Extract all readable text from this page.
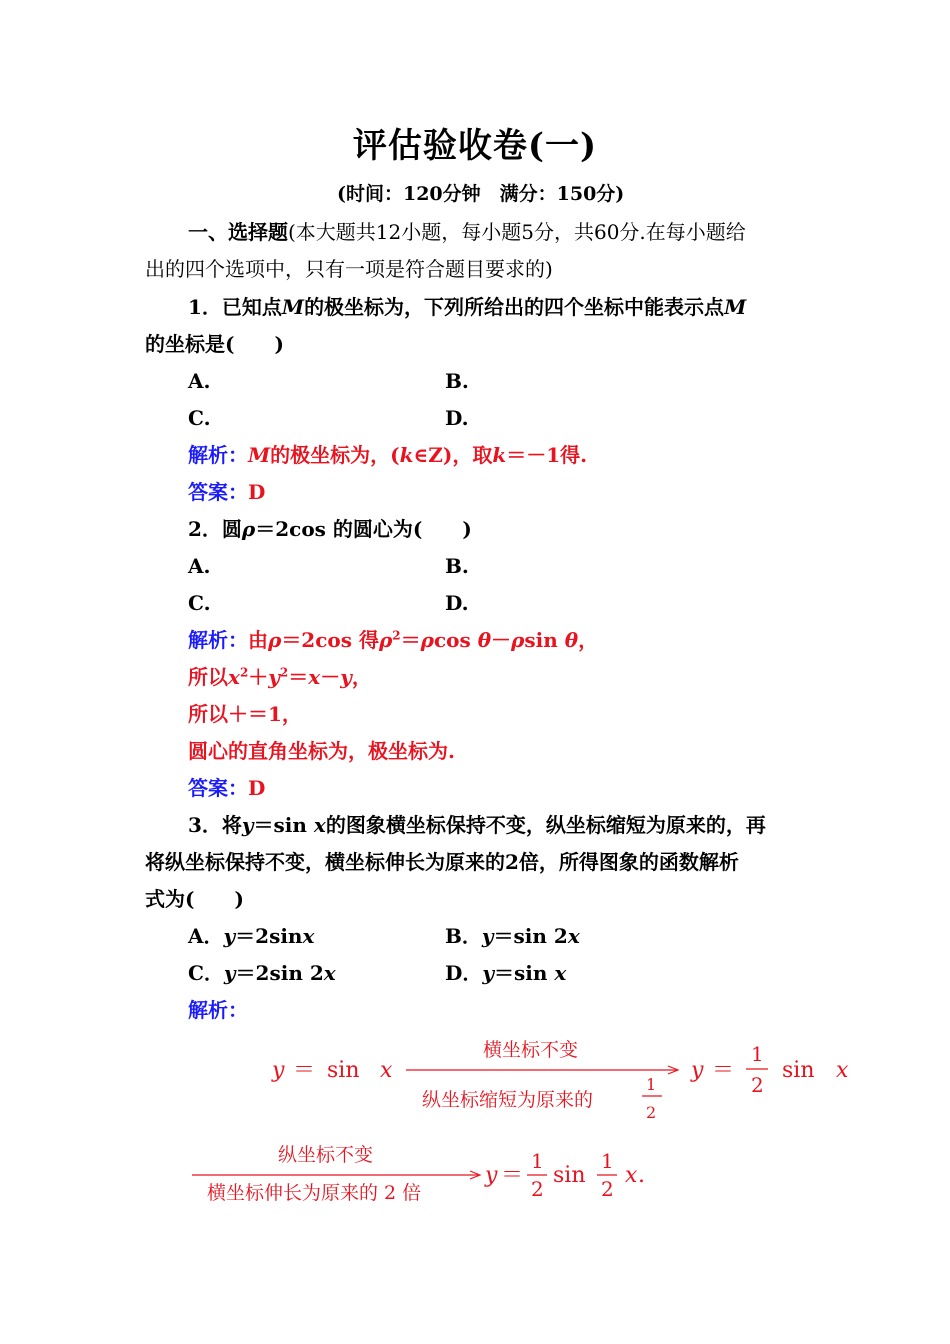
评估验收卷(一)
(时间：120分钟　满分：150分)
一、选择题(本大题共12小题，每小题5分，共60分.在每小题给
出的四个选项中，只有一项是符合题目要求的)
1．已知点M的极坐标为，下列所给出的四个坐标中能表示点M
的坐标是(　　)
A.	B.
C.	D.
解析：M的极坐标为，(k∈Z)，取k＝－1得.
答案：D
2．圆ρ＝2cos 的圆心为(　　)
A.	B.
C.	D.
解析：由ρ＝2cos 得$\rho^2=\rho\cos$ θ－ρsin θ，
所以$x^2+y^2=x-y$，
所以＋＝1，
圆心的直角坐标为，极坐标为.
答案：D
3．将y＝sin x的图象横坐标保持不变，纵坐标缩短为原来的，再
将纵坐标保持不变，横坐标伸长为原来的2倍，所得图象的函数解析
式为(　　)
A．y＝2sinx	B．y＝sin 2x
C．y＝2sin 2x	D．y＝sin x
解析：
y ＝ sin x
横坐标不变
纵坐标缩短为原来的
1
2
y ＝
1
2
sin x
纵坐标不变
横坐标伸长为原来的 2 倍
y ＝
1
2
sin
1
2
x .
